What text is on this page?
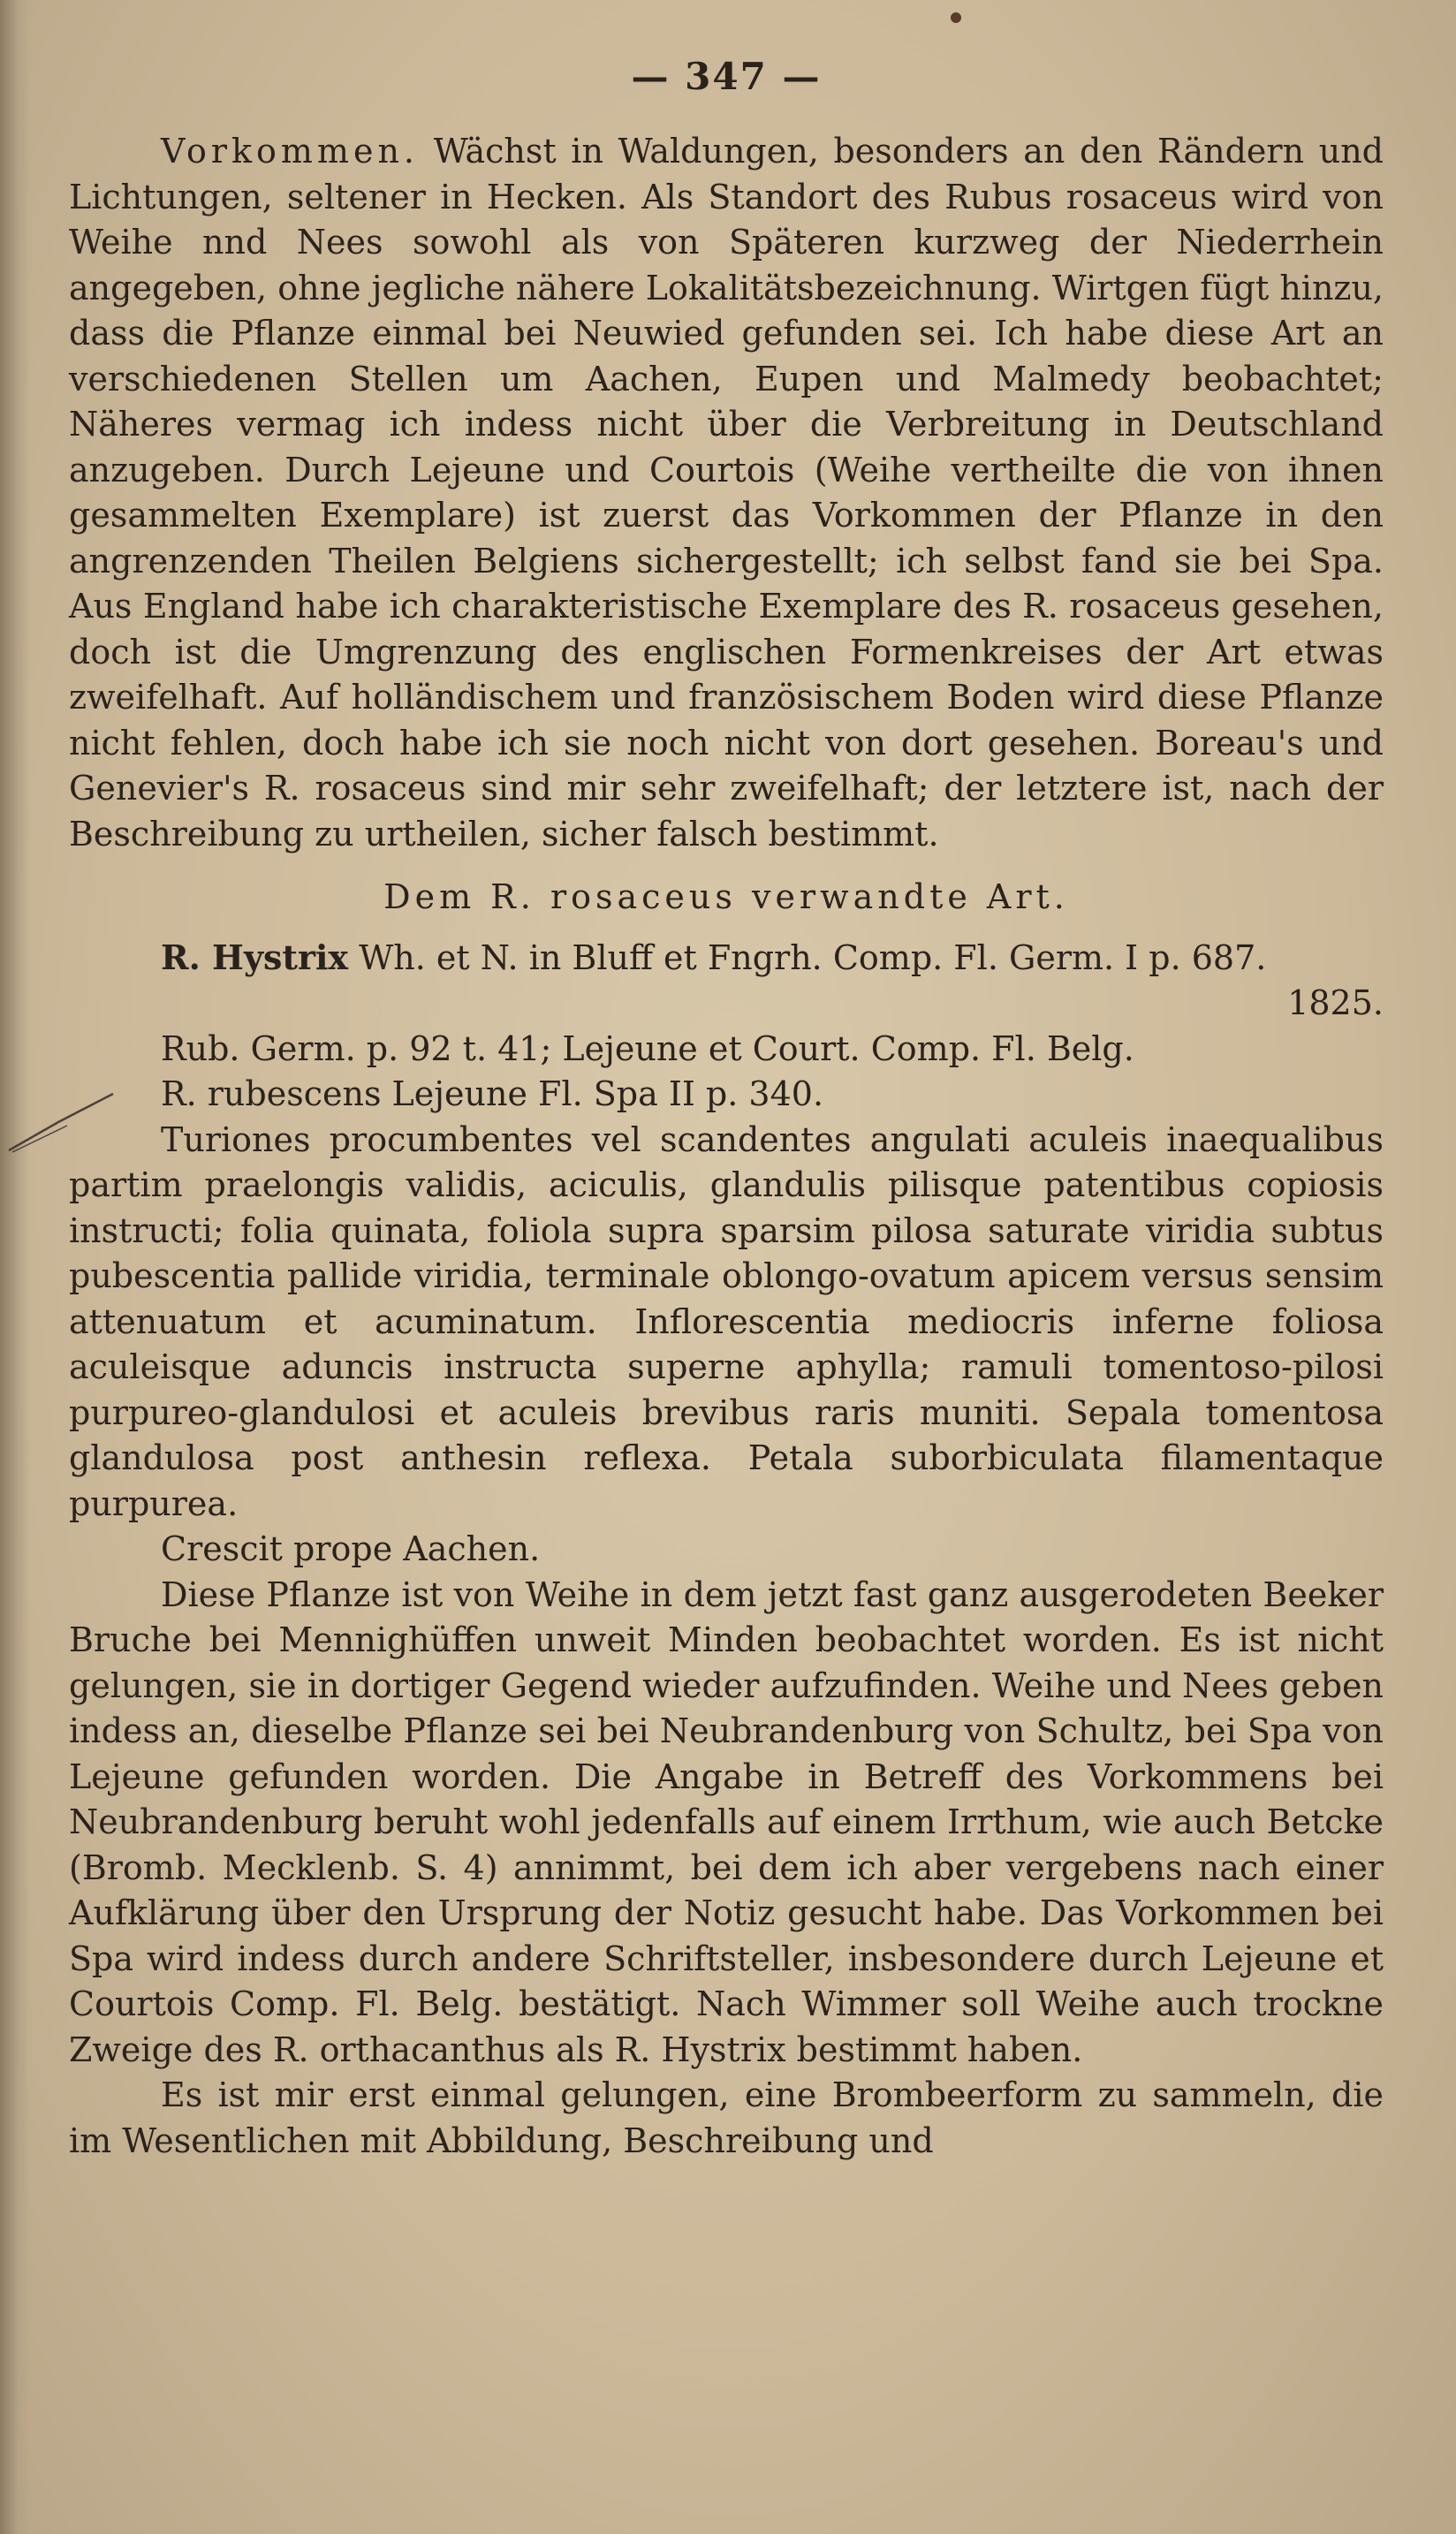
— 347 —

Vorkommen. Wächst in Waldungen, besonders an den Rändern und Lichtungen, seltener in Hecken. Als Standort des Rubus rosaceus wird von Weihe nnd Nees sowohl als von Späteren kurzweg der Niederrhein angegeben, ohne jegliche nähere Lokalitätsbezeichnung. Wirtgen fügt hinzu, dass die Pflanze einmal bei Neuwied gefunden sei. Ich habe diese Art an verschiedenen Stellen um Aachen, Eupen und Malmedy beobachtet; Näheres vermag ich indess nicht über die Verbreitung in Deutschland anzugeben. Durch Lejeune und Courtois (Weihe vertheilte die von ihnen gesammelten Exemplare) ist zuerst das Vorkommen der Pflanze in den angrenzenden Theilen Belgiens sichergestellt; ich selbst fand sie bei Spa. Aus England habe ich charakteristische Exemplare des R. rosaceus gesehen, doch ist die Umgrenzung des englischen Formenkreises der Art etwas zweifelhaft. Auf holländischem und französischem Boden wird diese Pflanze nicht fehlen, doch habe ich sie noch nicht von dort gesehen. Boreau's und Genevier's R. rosaceus sind mir sehr zweifelhaft; der letztere ist, nach der Beschreibung zu urtheilen, sicher falsch bestimmt.

Dem R. rosaceus verwandte Art.

R. Hystrix Wh. et N. in Bluff et Fngrh. Comp. Fl. Germ. I p. 687.
1825.

Rub. Germ. p. 92 t. 41; Lejeune et Court. Comp. Fl. Belg.

R. rubescens Lejeune Fl. Spa II p. 340.

Turiones procumbentes vel scandentes angulati aculeis inaequalibus partim praelongis validis, aciculis, glandulis pilisque patentibus copiosis instructi; folia quinata, foliola supra sparsim pilosa saturate viridia subtus pubescentia pallide viridia, terminale oblongo-ovatum apicem versus sensim attenuatum et acuminatum. Inflorescentia mediocris inferne foliosa aculeisque aduncis instructa superne aphylla; ramuli tomentoso-pilosi purpureo-glandulosi et aculeis brevibus raris muniti. Sepala tomentosa glandulosa post anthesin reflexa. Petala suborbiculata filamentaque purpurea.

Crescit prope Aachen.

Diese Pflanze ist von Weihe in dem jetzt fast ganz ausgerodeten Beeker Bruche bei Mennighüffen unweit Minden beobachtet worden. Es ist nicht gelungen, sie in dortiger Gegend wieder aufzufinden. Weihe und Nees geben indess an, dieselbe Pflanze sei bei Neubrandenburg von Schultz, bei Spa von Lejeune gefunden worden. Die Angabe in Betreff des Vorkommens bei Neubrandenburg beruht wohl jedenfalls auf einem Irrthum, wie auch Betcke (Bromb. Mecklenb. S. 4) annimmt, bei dem ich aber vergebens nach einer Aufklärung über den Ursprung der Notiz gesucht habe. Das Vorkommen bei Spa wird indess durch andere Schriftsteller, insbesondere durch Lejeune et Courtois Comp. Fl. Belg. bestätigt. Nach Wimmer soll Weihe auch trockne Zweige des R. orthacanthus als R. Hystrix bestimmt haben.

Es ist mir erst einmal gelungen, eine Brombeerform zu sammeln, die im Wesentlichen mit Abbildung, Beschreibung und
